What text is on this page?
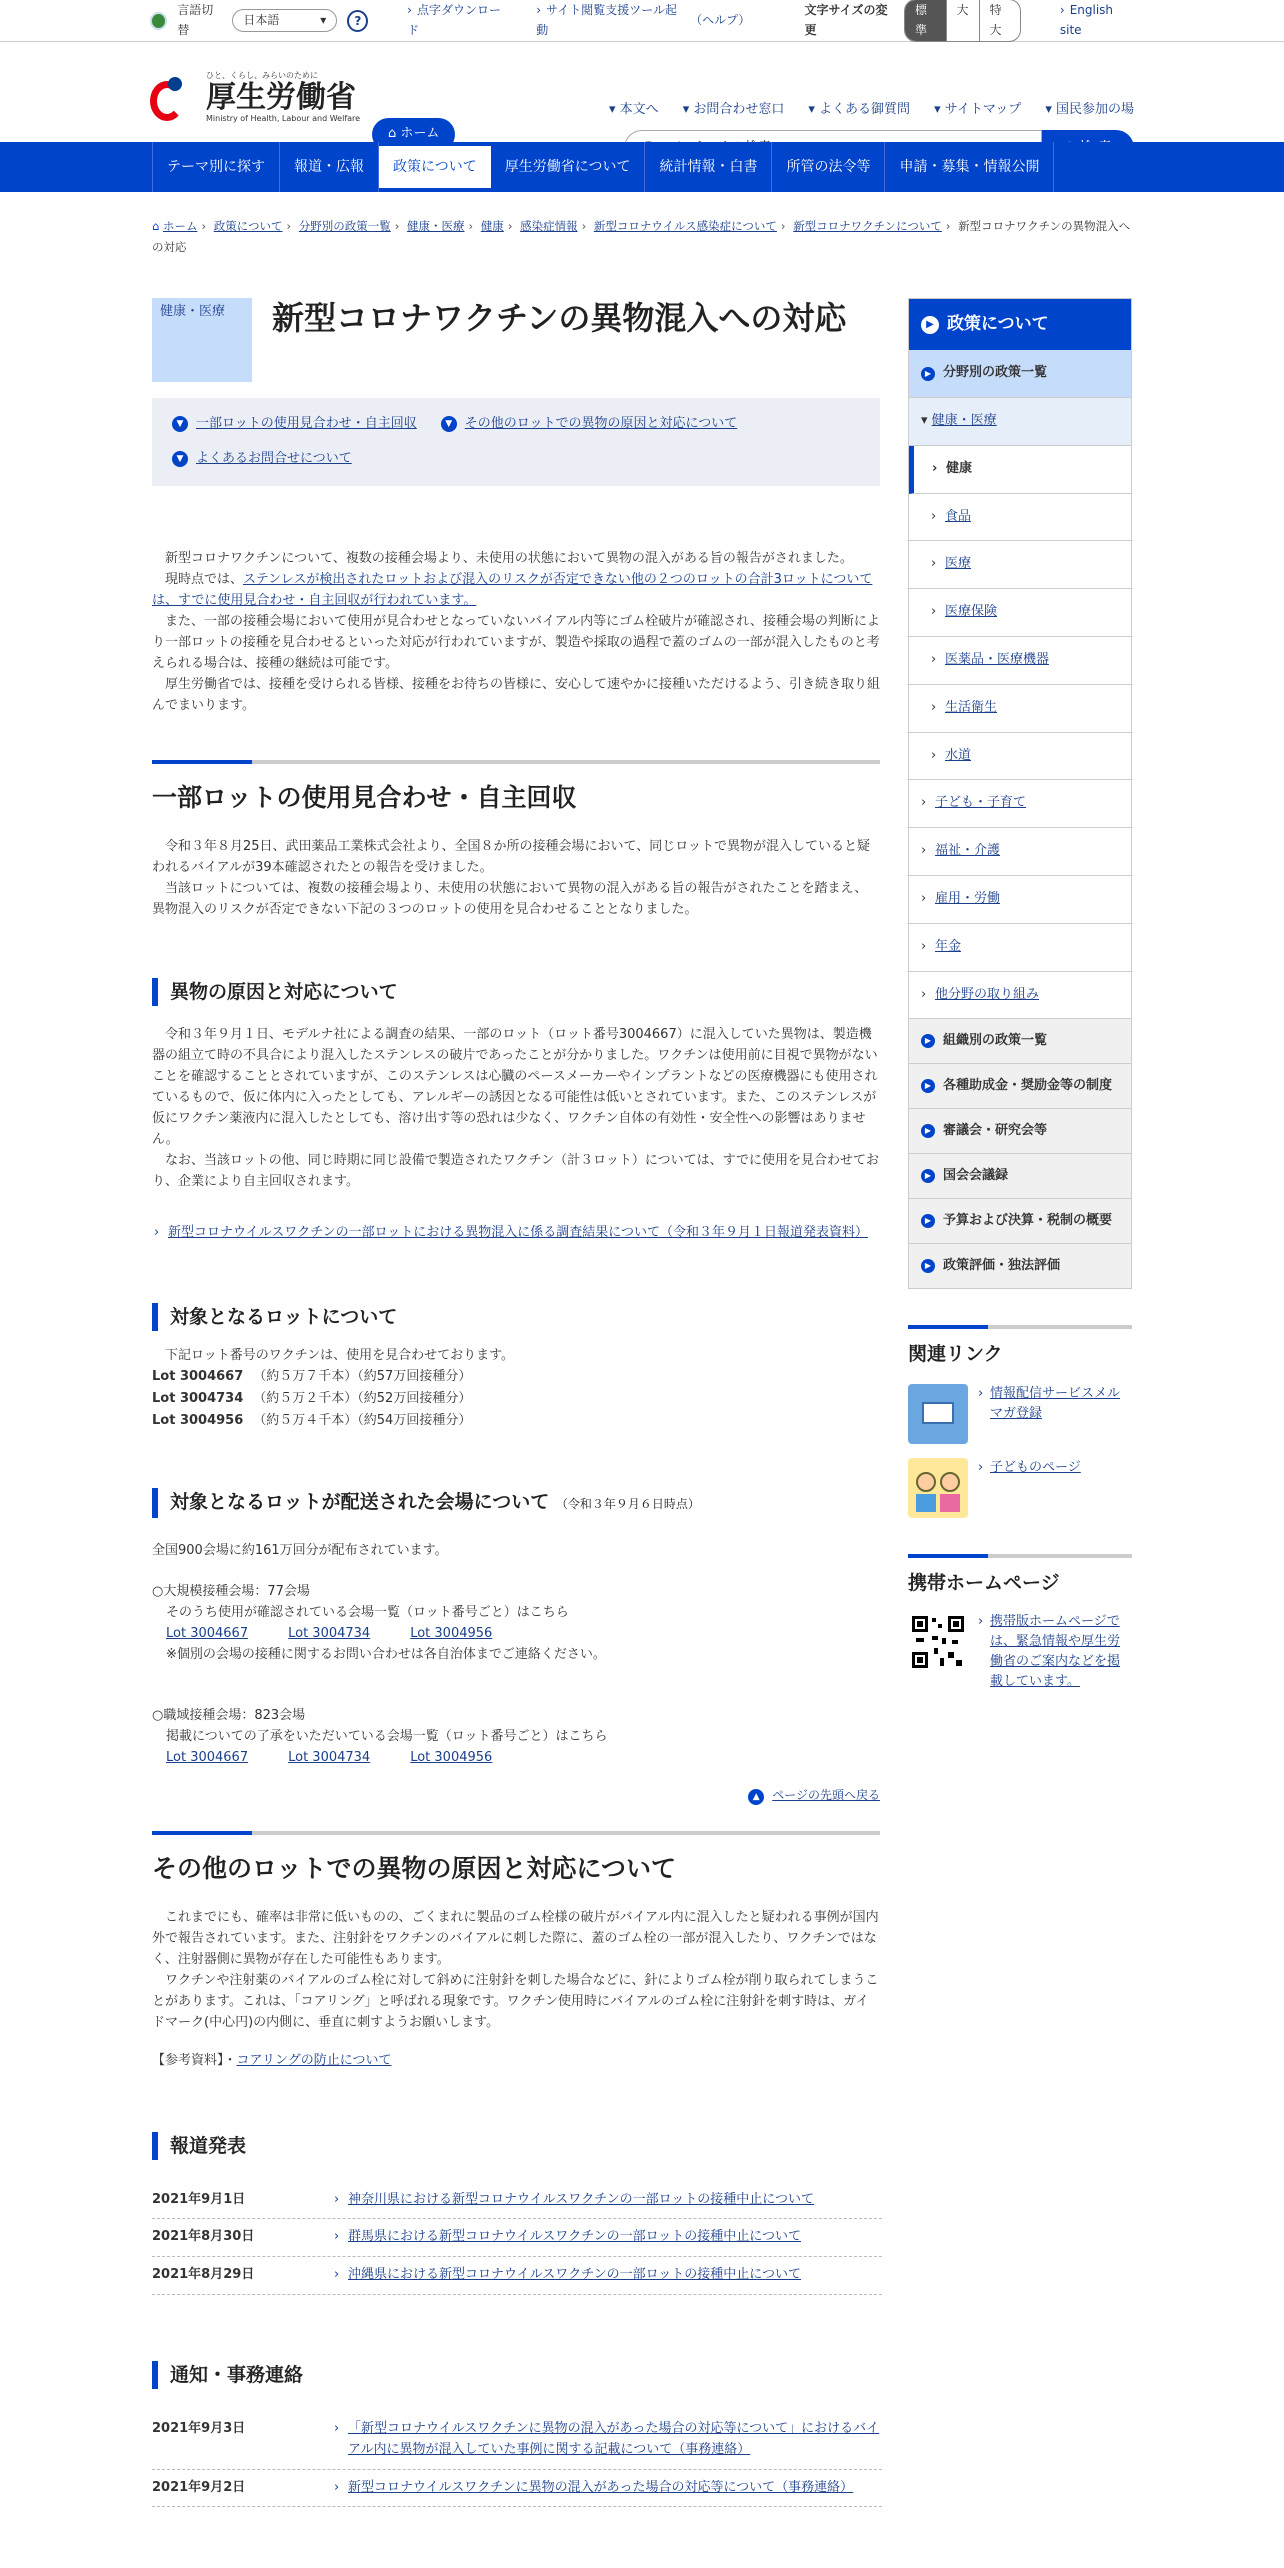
言語切替
日本語	▾	?
› 点字ダウンロード
› サイト閲覧支援ツール起動
（ヘルプ）
文字サイズの変更
標準
大	特大
› English site
ひと、くらし、みらいのために
厚生労働省
Ministry of Health, Labour and Welfare
⌂ ホーム
▾ 本文へ	▾ お問合わせ窓口	▾ よくある御質問	▾ サイトマップ	▾ 国民参加の場
テーマ別に探す	報道・広報	政策について	厚生労働省について	統計情報・白書	所管の法令等	申請・募集・情報公開
⌂ ホーム › 政策について › 分野別の政策一覧 › 健康・医療 › 健康 › 感染症情報 › 新型コロナウイルス感染症について › 新型コロナワクチンについて › 新型コロナワクチンの異物混入への対応
健康・医療	新型コロナワクチンの異物混入への対応
▼ 一部ロットの使用見合わせ・自主回収	▼ その他のロットでの異物の原因と対応について
▼ よくあるお問合せについて

新型コロナワクチンについて、複数の接種会場より、未使用の状態において異物の混入がある旨の報告がされました。

現時点では、ステンレスが検出されたロットおよび混入のリスクが否定できない他の２つのロットの合計3ロットについては、すでに使用見合わせ・自主回収が行われています。

また、一部の接種会場において使用が見合わせとなっていないバイアル内等にゴム栓破片が確認され、接種会場の判断により一部ロットの接種を見合わせるといった対応が行われていますが、製造や採取の過程で蓋のゴムの一部が混入したものと考えられる場合は、接種の継続は可能です。

厚生労働省では、接種を受けられる皆様、接種をお待ちの皆様に、安心して速やかに接種いただけるよう、引き続き取り組んでまいります。

一部ロットの使用見合わせ・自主回収

令和３年８月25日、武田薬品工業株式会社より、全国８か所の接種会場において、同じロットで異物が混入していると疑われるバイアルが39本確認されたとの報告を受けました。

当該ロットについては、複数の接種会場より、未使用の状態において異物の混入がある旨の報告がされたことを踏まえ、異物混入のリスクが否定できない下記の３つのロットの使用を見合わせることとなりました。

異物の原因と対応について

令和３年９月１日、モデルナ社による調査の結果、一部のロット（ロット番号3004667）に混入していた異物は、製造機器の組立て時の不具合により混入したステンレスの破片であったことが分かりました。ワクチンは使用前に目視で異物がないことを確認することとされていますが、このステンレスは心臓のペースメーカーやインプラントなどの医療機器にも使用されているもので、仮に体内に入ったとしても、アレルギーの誘因となる可能性は低いとされています。また、このステンレスが仮にワクチン薬液内に混入したとしても、溶け出す等の恐れは少なく、ワクチン自体の有効性・安全性への影響はありません。

なお、当該ロットの他、同じ時期に同じ設備で製造されたワクチン（計３ロット）については、すでに使用を見合わせており、企業により自主回収されます。

› 新型コロナウイルスワクチンの一部ロットにおける異物混入に係る調査結果について（令和３年９月１日報道発表資料）
対象となるロットについて

下記ロット番号のワクチンは、使用を見合わせております。

Lot 3004667 （約５万７千本）（約57万回接種分）
Lot 3004734 （約５万２千本）（約52万回接種分）
Lot 3004956 （約５万４千本）（約54万回接種分）
対象となるロットが配送された会場について （令和３年９月６日時点）

全国900会場に約161万回分が配布されています。

○大規模接種会場：77会場

そのうち使用が確認されている会場一覧（ロット番号ごと）はこちら

Lot 3004667	Lot 3004734	Lot 3004956

※個別の会場の接種に関するお問い合わせは各自治体までご連絡ください。

○職域接種会場：823会場

掲載についての了承をいただいている会場一覧（ロット番号ごと）はこちら

Lot 3004667	Lot 3004734	Lot 3004956

▲ ページの先頭へ戻る
その他のロットでの異物の原因と対応について

これまでにも、確率は非常に低いものの、ごくまれに製品のゴム栓様の破片がバイアル内に混入したと疑われる事例が国内外で報告されています。また、注射針をワクチンのバイアルに刺した際に、蓋のゴム栓の一部が混入したり、ワクチンではなく、注射器側に異物が存在した可能性もあります。

ワクチンや注射薬のバイアルのゴム栓に対して斜めに注射針を刺した場合などに、針によりゴム栓が削り取られてしまうことがあります。これは、「コアリング」と呼ばれる現象です。ワクチン使用時にバイアルのゴム栓に注射針を刺す時は、ガイドマーク(中心円)の内側に、垂直に刺すようお願いします。

【参考資料】・コアリングの防止について

報道発表
2021年9月1日	› 神奈川県における新型コロナウイルスワクチンの一部ロットの接種中止について
2021年8月30日	› 群馬県における新型コロナウイルスワクチンの一部ロットの接種中止について
2021年8月29日	› 沖縄県における新型コロナウイルスワクチンの一部ロットの接種中止について
通知・事務連絡
2021年9月3日	› 「新型コロナウイルスワクチンに異物の混入があった場合の対応等について」におけるバイアル内に異物が混入していた事例に関する記載について（事務連絡）
2021年9月2日	› 新型コロナウイルスワクチンに異物の混入があった場合の対応等について（事務連絡）
▶ 政策について
▶ 分野別の政策一覧
▾ 健康・医療
› 健康
› 食品
› 医療
› 医療保険
› 医薬品・医療機器
› 生活衛生
› 水道
› 子ども・子育て
› 福祉・介護
› 雇用・労働
› 年金
› 他分野の取り組み
▶ 組織別の政策一覧
▶ 各種助成金・奨励金等の制度
▶ 審議会・研究会等
▶ 国会会議録
▶ 予算および決算・税制の概要
▶ 政策評価・独法評価
関連リンク
› 情報配信サービスメルマガ登録
› 子どものページ
携帯ホームページ
› 携帯版ホームページでは、緊急情報や厚生労働省のご案内などを掲載しています。
